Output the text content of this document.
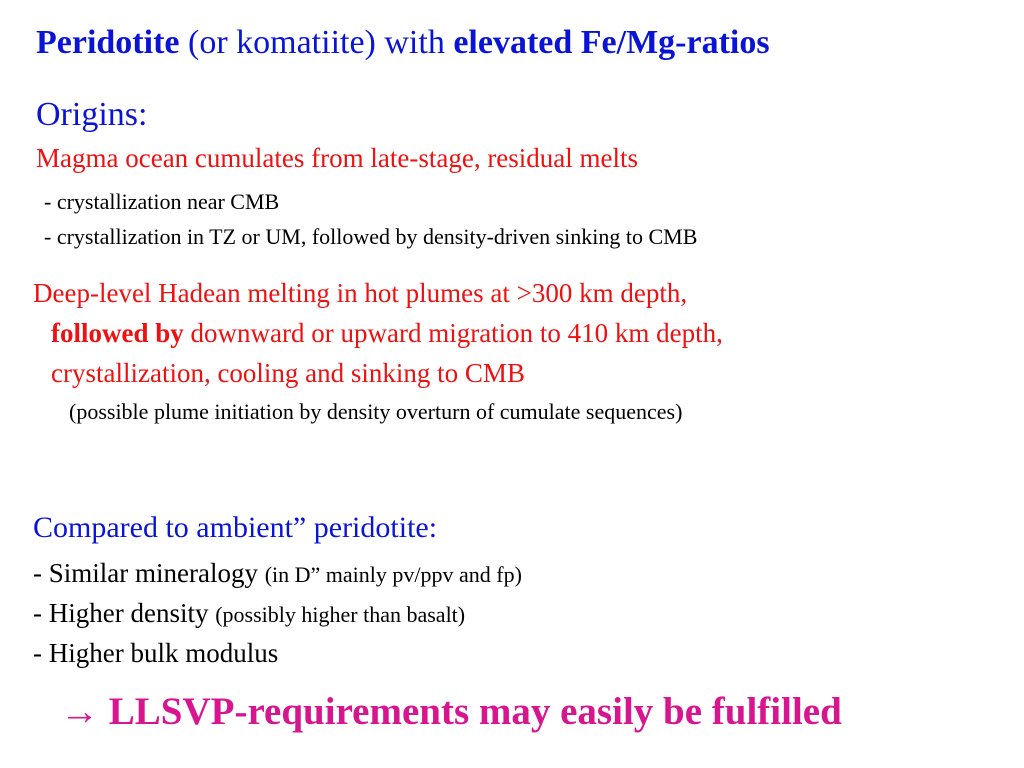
Peridotite (or komatiite) with elevated Fe/Mg-ratios
Origins:
Magma ocean cumulates from late-stage, residual melts
- crystallization near CMB
- crystallization in TZ or UM, followed by density-driven sinking to CMB
Deep-level Hadean melting in hot plumes at >300 km depth,
followed by downward or upward migration to 410 km depth,
crystallization, cooling and sinking to CMB
(possible plume initiation by density overturn of cumulate sequences)
Compared to ambient” peridotite:
- Similar mineralogy (in D” mainly pv/ppv and fp)
- Higher density (possibly higher than basalt)
- Higher bulk modulus
→ LLSVP-requirements may easily be fulfilled
